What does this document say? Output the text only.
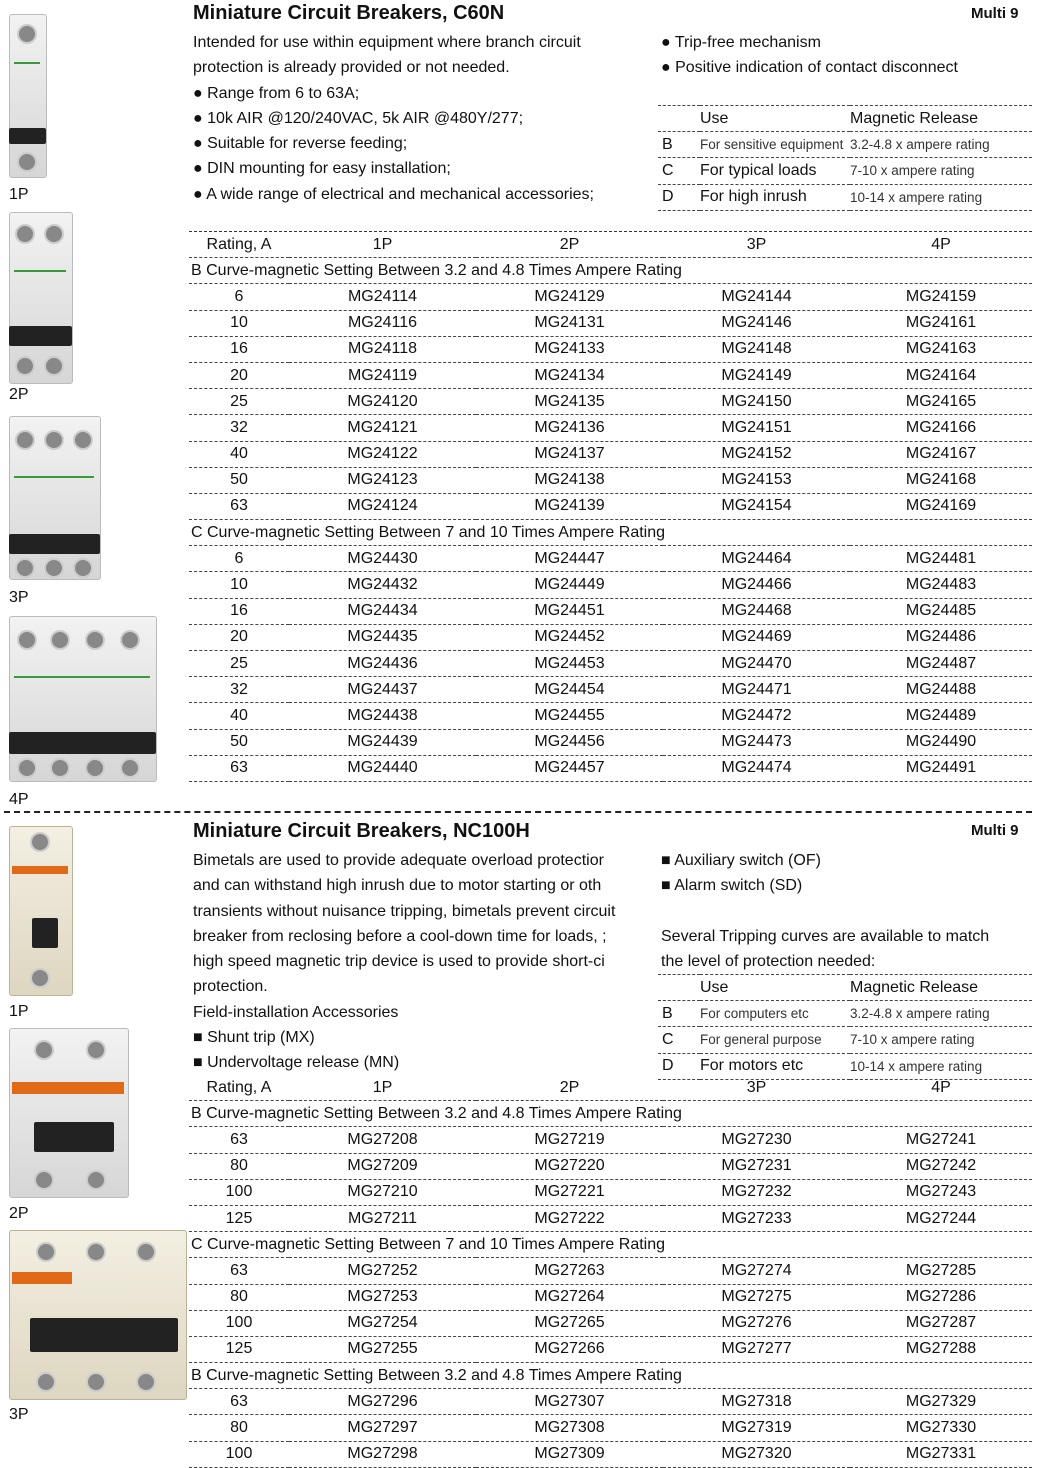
Miniature Circuit Breakers, C60N	Multi 9
Intended for use within equipment where branch circuit
protection is already provided or not needed.
● Range from 6 to 63A;
● 10k AIR @120/240VAC, 5k AIR @480Y/277;
● Suitable for reverse feeding;
● DIN mounting for easy installation;
● A wide range of electrical and mechanical accessories;
● Trip-free mechanism
● Positive indication of contact disconnect
	Use	Magnetic Release
B	For sensitive equipment	3.2-4.8 x ampere rating
C	For typical loads	7-10 x ampere rating
D	For high inrush	10-14 x ampere rating
Rating, A	1P	2P	3P	4P
B Curve-magnetic Setting Between 3.2 and 4.8 Times Ampere Rating				
6	MG24114	MG24129	MG24144	MG24159
10	MG24116	MG24131	MG24146	MG24161
16	MG24118	MG24133	MG24148	MG24163
20	MG24119	MG24134	MG24149	MG24164
25	MG24120	MG24135	MG24150	MG24165
32	MG24121	MG24136	MG24151	MG24166
40	MG24122	MG24137	MG24152	MG24167
50	MG24123	MG24138	MG24153	MG24168
63	MG24124	MG24139	MG24154	MG24169
C Curve-magnetic Setting Between 7 and 10 Times Ampere Rating				
6	MG24430	MG24447	MG24464	MG24481
10	MG24432	MG24449	MG24466	MG24483
16	MG24434	MG24451	MG24468	MG24485
20	MG24435	MG24452	MG24469	MG24486
25	MG24436	MG24453	MG24470	MG24487
32	MG24437	MG24454	MG24471	MG24488
40	MG24438	MG24455	MG24472	MG24489
50	MG24439	MG24456	MG24473	MG24490
63	MG24440	MG24457	MG24474	MG24491
1P
2P
3P
4P
Miniature Circuit Breakers, NC100H	Multi 9
Bimetals are used to provide adequate overload protectior
and can withstand high inrush due to motor starting or oth
transients without nuisance tripping, bimetals prevent circuit
breaker from reclosing before a cool-down time for loads, ;
high speed magnetic trip device is used to provide short-ci
protection.
Field-installation Accessories
■ Shunt trip (MX)
■ Undervoltage release (MN)
■ Auxiliary switch (OF)
■ Alarm switch (SD)
Several Tripping curves are available to match
the level of protection needed:
	Use	Magnetic Release
B	For computers etc	3.2-4.8 x ampere rating
C	For general purpose	7-10 x ampere rating
D	For motors etc	10-14 x ampere rating
Rating, A	1P	2P	3P	4P
B Curve-magnetic Setting Between 3.2 and 4.8 Times Ampere Rating				
63	MG27208	MG27219	MG27230	MG27241
80	MG27209	MG27220	MG27231	MG27242
100	MG27210	MG27221	MG27232	MG27243
125	MG27211	MG27222	MG27233	MG27244
C Curve-magnetic Setting Between 7 and 10 Times Ampere Rating				
63	MG27252	MG27263	MG27274	MG27285
80	MG27253	MG27264	MG27275	MG27286
100	MG27254	MG27265	MG27276	MG27287
125	MG27255	MG27266	MG27277	MG27288
B Curve-magnetic Setting Between 3.2 and 4.8 Times Ampere Rating				
63	MG27296	MG27307	MG27318	MG27329
80	MG27297	MG27308	MG27319	MG27330
100	MG27298	MG27309	MG27320	MG27331
1P
2P
3P
